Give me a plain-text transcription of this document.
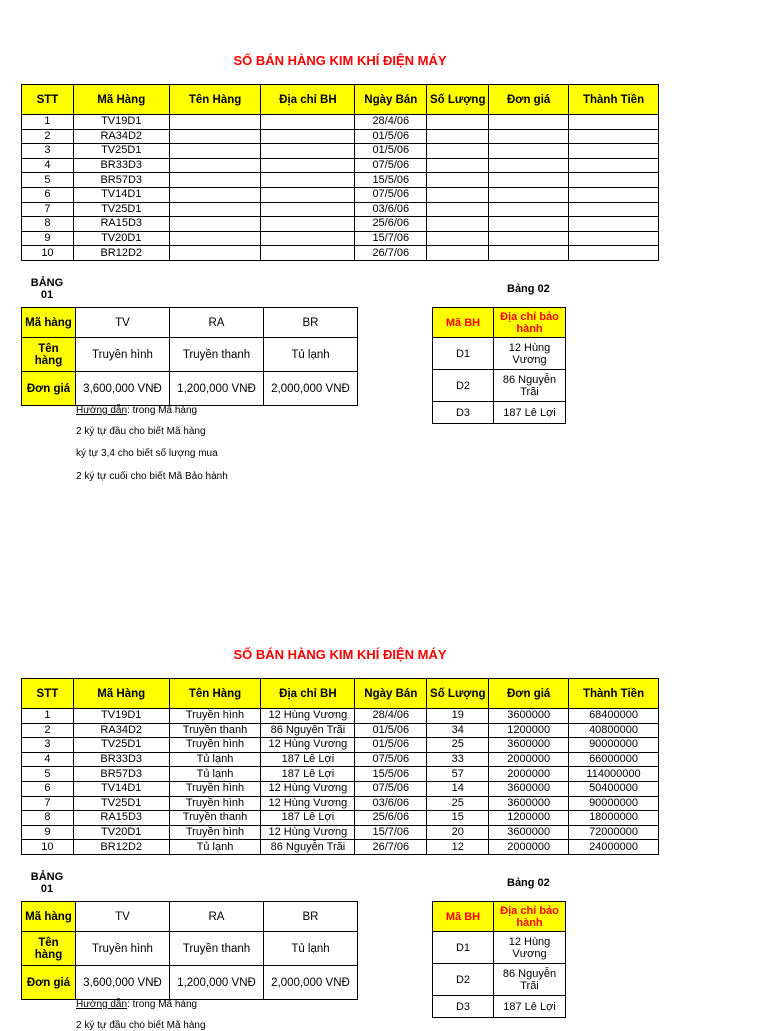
SỐ BÁN HÀNG KIM KHÍ ĐIỆN MÁY
STT	Mã Hàng	Tên Hàng	Địa chỉ BH	Ngày Bán	Số Lượng	Đơn giá	Thành Tiền
1	TV19D1			28/4/06			
2	RA34D2			01/5/06			
3	TV25D1			01/5/06			
4	BR33D3			07/5/06			
5	BR57D3			15/5/06			
6	TV14D1			07/5/06			
7	TV25D1			03/6/06			
8	RA15D3			25/6/06			
9	TV20D1			15/7/06			
10	BR12D2			26/7/06			
BẢNG 01	Bảng 02
Mã hàng	TV	RA	BR
Tên hàng	Truyền hình	Truyền thanh	Tủ lạnh
Đơn giá	3,600,000 VNĐ	1,200,000 VNĐ	2,000,000 VNĐ
Mã BH	Địa chỉ bảo hành
D1	12 Hùng Vương
D2	86 Nguyễn Trãi
D3	187 Lê Lợi
Hướng dẫn: trong Mã hàng
2 ký tự đầu cho biết Mã hàng
ký tự 3,4 cho biết số lượng mua
2 ký tự cuối cho biết Mã Bảo hành
SỐ BÁN HÀNG KIM KHÍ ĐIỆN MÁY
STT	Mã Hàng	Tên Hàng	Địa chỉ BH	Ngày Bán	Số Lượng	Đơn giá	Thành Tiền
1	TV19D1	Truyền hình	12 Hùng Vương	28/4/06	19	3600000	68400000
2	RA34D2	Truyền thanh	86 Nguyễn Trãi	01/5/06	34	1200000	40800000
3	TV25D1	Truyền hình	12 Hùng Vương	01/5/06	25	3600000	90000000
4	BR33D3	Tủ lạnh	187 Lê Lợi	07/5/06	33	2000000	66000000
5	BR57D3	Tủ lạnh	187 Lê Lợi	15/5/06	57	2000000	114000000
6	TV14D1	Truyền hình	12 Hùng Vương	07/5/06	14	3600000	50400000
7	TV25D1	Truyền hình	12 Hùng Vương	03/6/06	25	3600000	90000000
8	RA15D3	Truyền thanh	187 Lê Lợi	25/6/06	15	1200000	18000000
9	TV20D1	Truyền hình	12 Hùng Vương	15/7/06	20	3600000	72000000
10	BR12D2	Tủ lạnh	86 Nguyễn Trãi	26/7/06	12	2000000	24000000
BẢNG 01	Bảng 02
Mã hàng	TV	RA	BR
Tên hàng	Truyền hình	Truyền thanh	Tủ lạnh
Đơn giá	3,600,000 VNĐ	1,200,000 VNĐ	2,000,000 VNĐ
Mã BH	Địa chỉ bảo hành
D1	12 Hùng Vương
D2	86 Nguyễn Trãi
D3	187 Lê Lợi
Hướng dẫn: trong Mã hàng
2 ký tự đầu cho biết Mã hàng
